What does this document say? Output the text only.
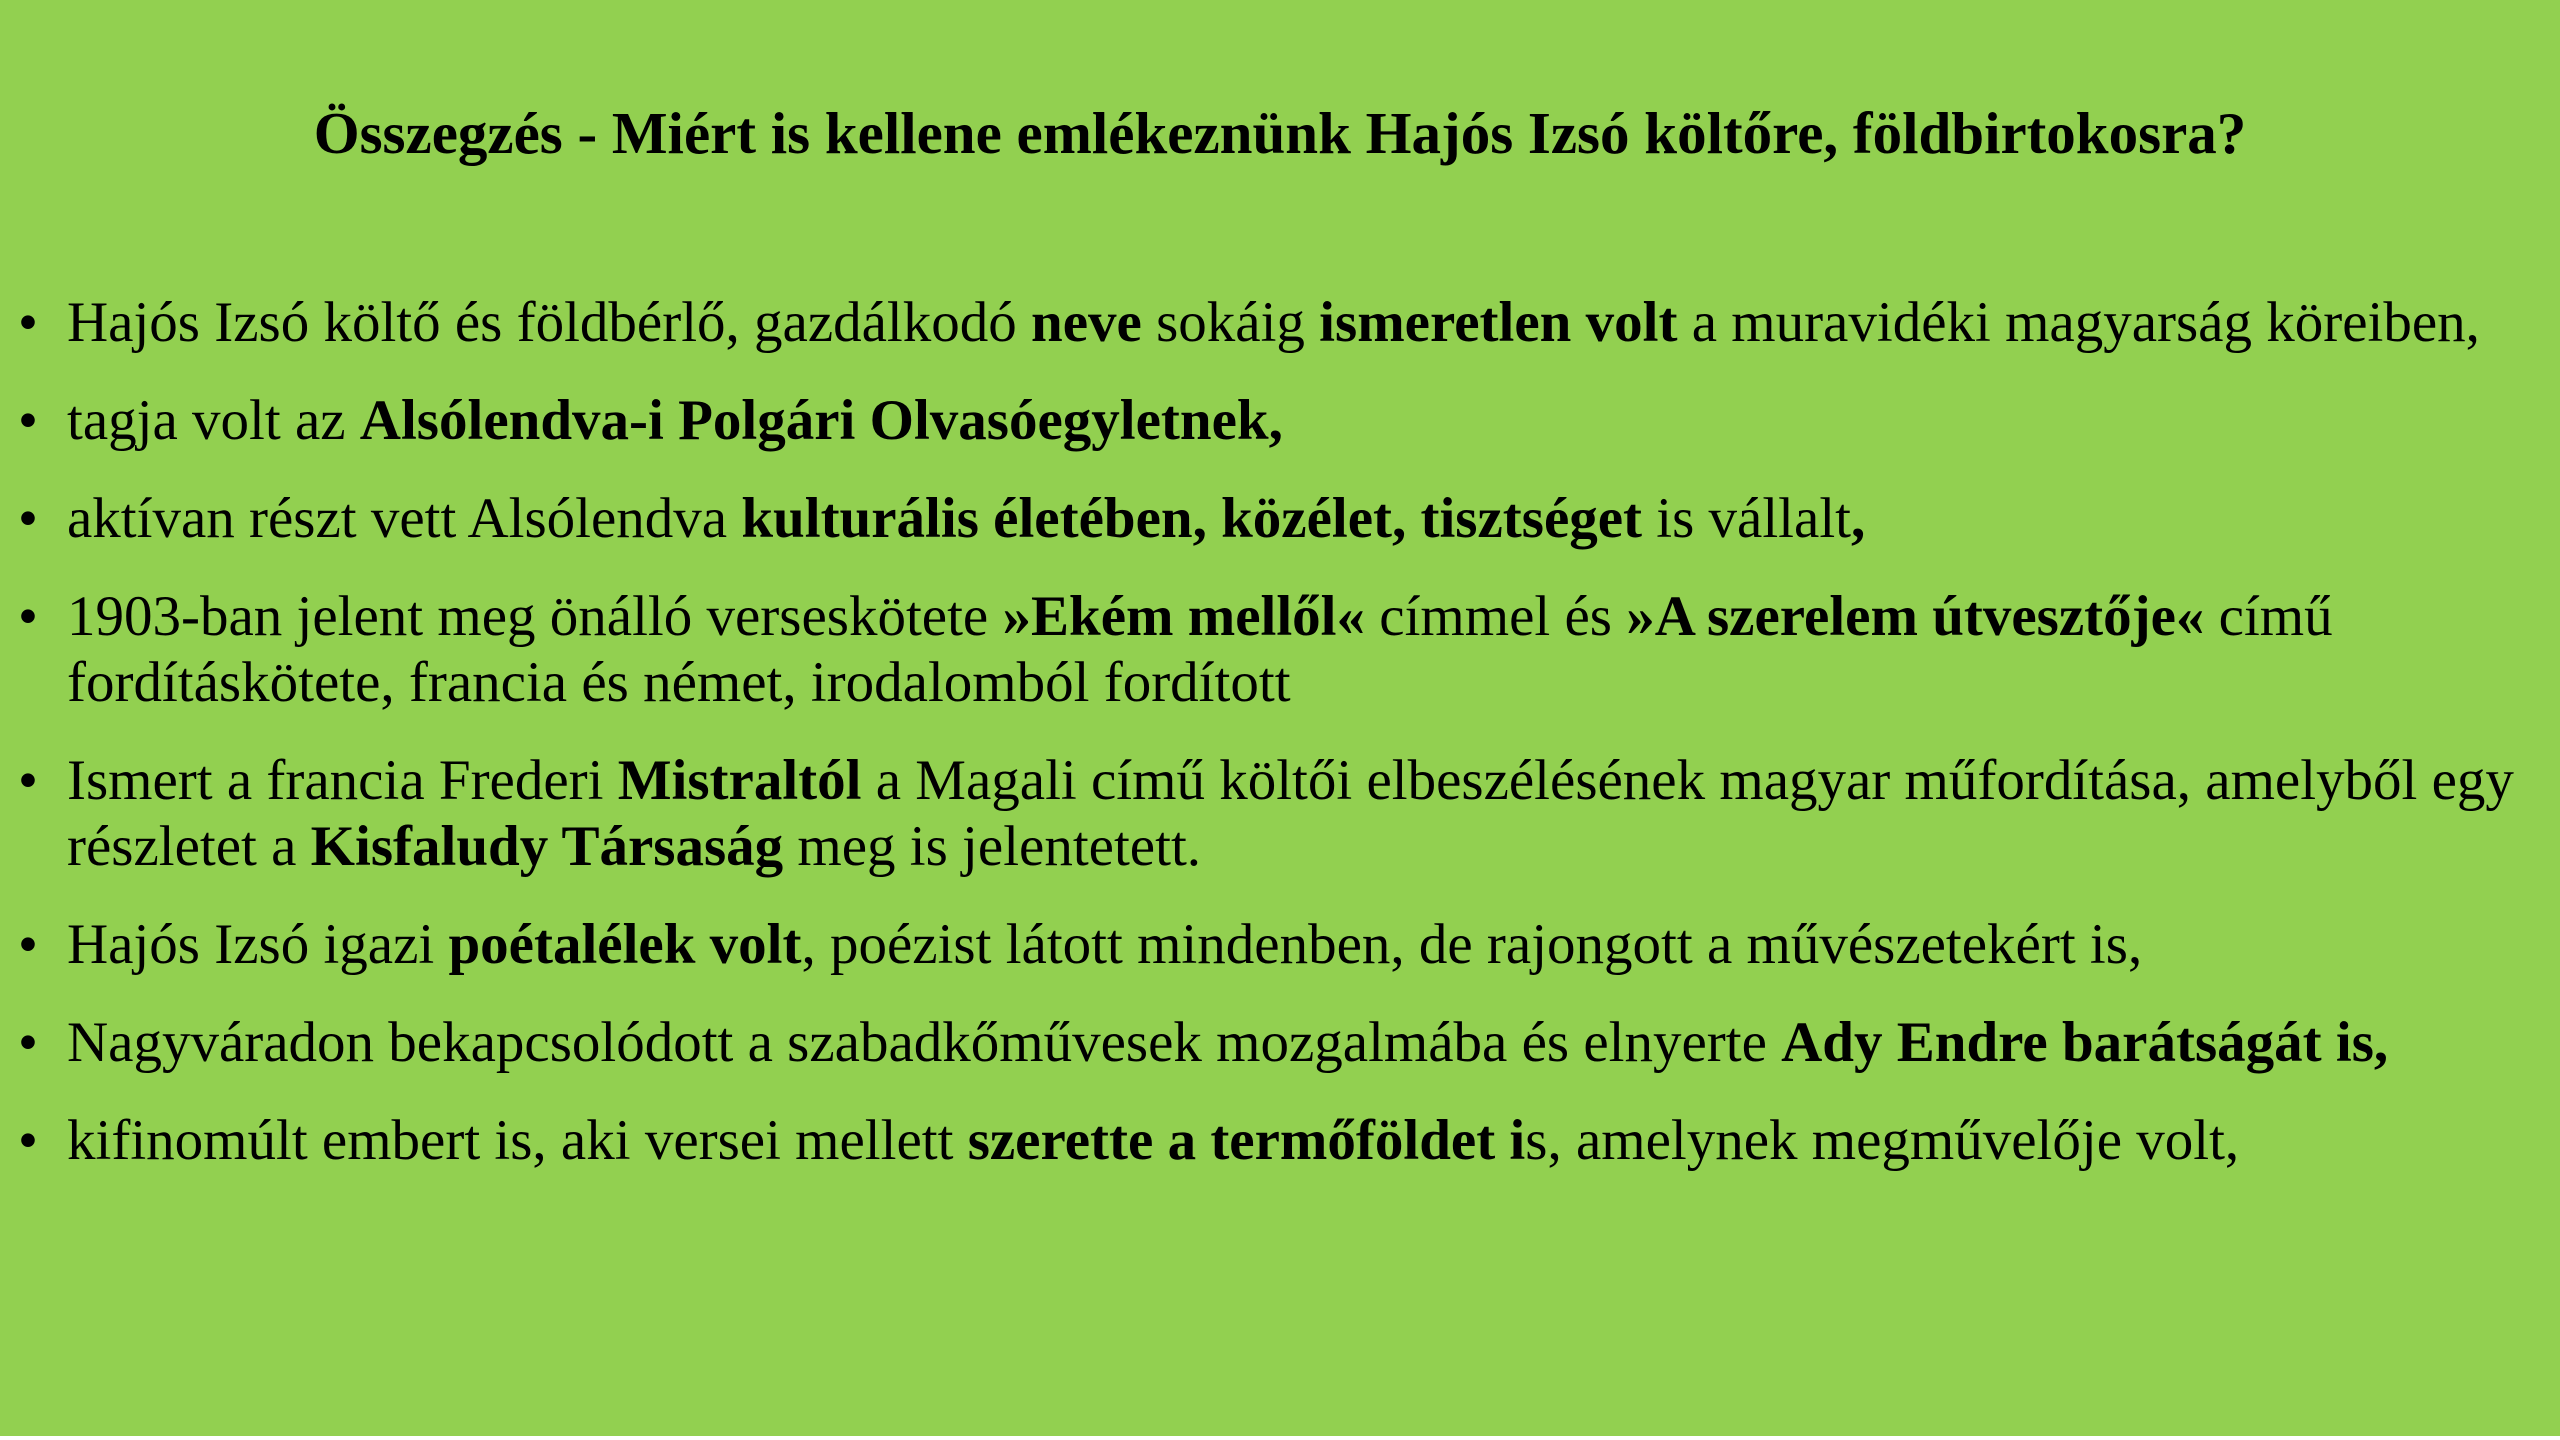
Összegzés - Miért is kellene emlékeznünk Hajós Izsó költőre, földbirtokosra?
• Hajós Izsó költő és földbérlő, gazdálkodó neve sokáig ismeretlen volt a muravidéki magyarság köreiben,
• tagja volt az Alsólendva-i Polgári Olvasóegyletnek,
• aktívan részt vett Alsólendva kulturális életében, közélet, tisztséget is vállalt,
• 1903-ban jelent meg önálló verseskötete »Ekém mellől« címmel és »A szerelem útvesztője« című fordításkötete, francia és német, irodalomból fordított
• Ismert a francia Frederi Mistraltól a Magali című költői elbeszélésének magyar műfordítása, amelyből egy részletet a Kisfaludy Társaság meg is jelentetett.
• Hajós Izsó igazi poétalélek volt, poézist látott mindenben, de rajongott a művészetekért is,
• Nagyváradon bekapcsolódott a szabadkőművesek mozgalmába és elnyerte Ady Endre barátságát is,
• kifinomúlt embert is, aki versei mellett szerette a termőföldet is, amelynek megművelője volt,
